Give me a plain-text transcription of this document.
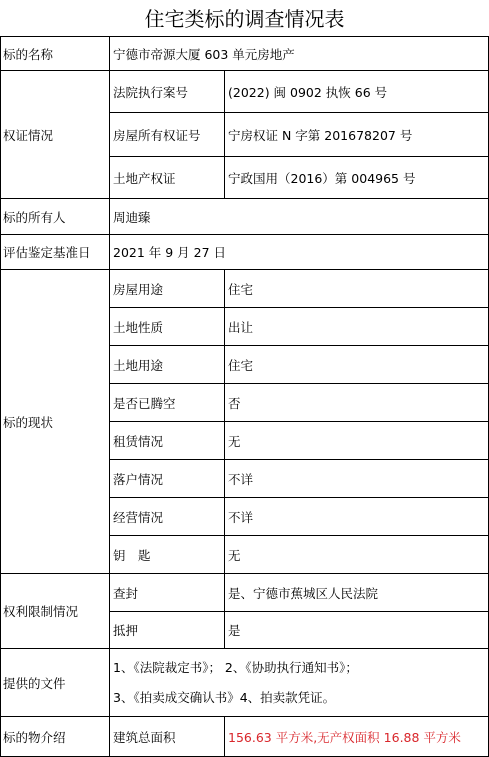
住宅类标的调查情况表
标的名称	宁德市帝源大厦 603 单元房地产	
权证情况	法院执行案号	(2022) 闽 0902 执恢 66 号
	房屋所有权证号	宁房权证 N 字第 201678207 号
	土地产权证	宁政国用（2016）第 004965 号
标的所有人	周迪臻	
评估鉴定基准日	2021 年 9 月 27 日	
标的现状	房屋用途	住宅
	土地性质	出让
	土地用途	住宅
	是否已腾空	否
	租赁情况	无
	落户情况	不详
	经营情况	不详
	钥　匙	无
权利限制情况	查封	是、宁德市蕉城区人民法院
	抵押	是
提供的文件	1、《法院裁定书》； 2、《协助执行通知书》；
3、《拍卖成交确认书》4、拍卖款凭证。	

标的物介绍	建筑总面积	156.63 平方米,无产权面积 16.88 平方米
